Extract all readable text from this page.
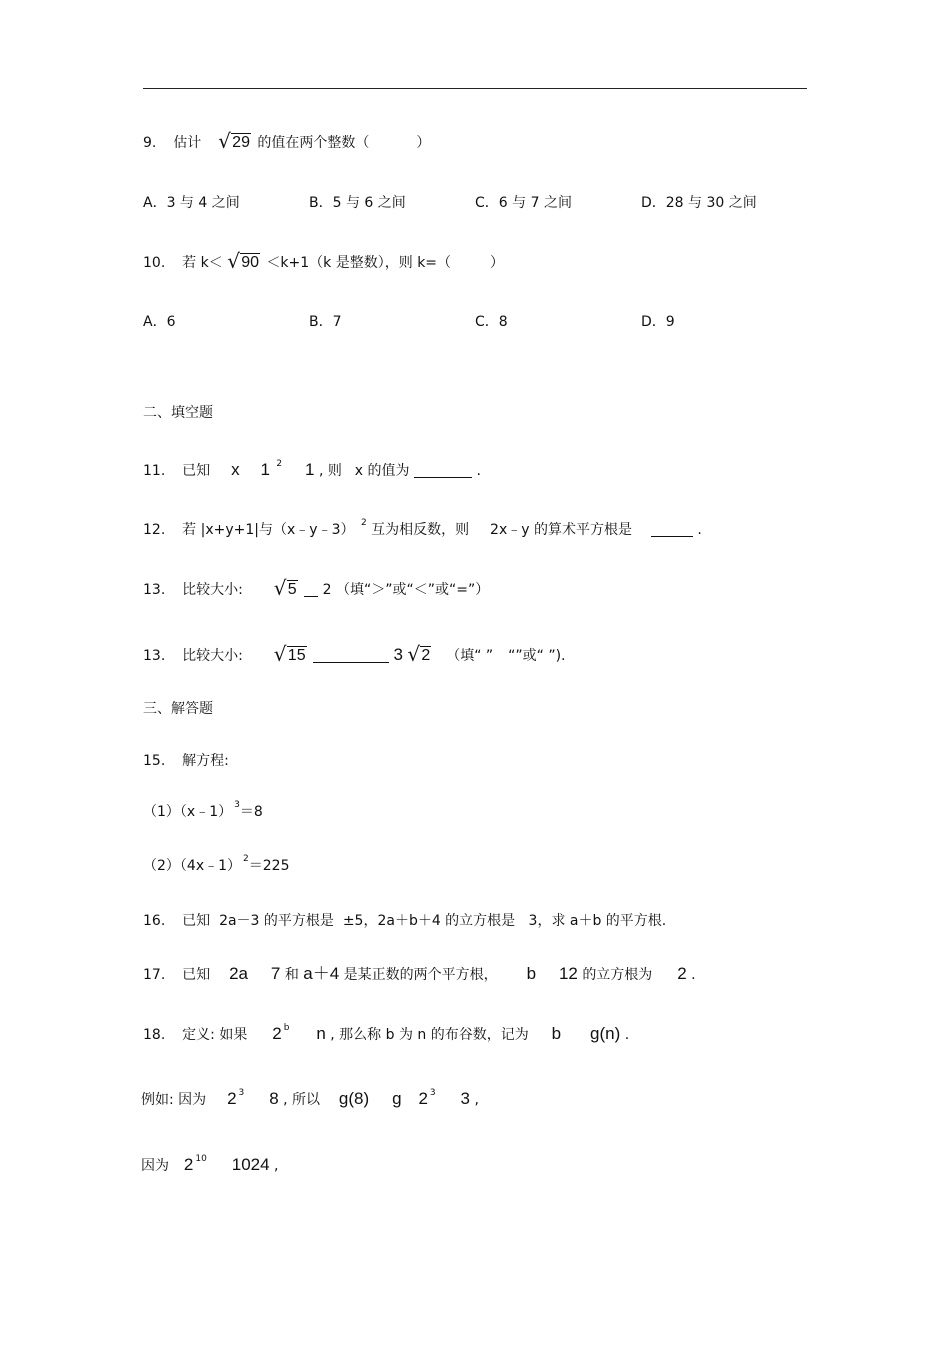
9. 估计 √ 29 的值在两个整数（	）
A．3 与 4 之间	B．5 与 6 之间	C．6 与 7 之间	D．28 与 30 之间
10. 若 k＜ √ 90 ＜k+1（k 是整数），则 k=（	）
A．6	B．7	C．8	D．9
二、填空题
11. 已知 x 1 $^2$ 1 , 则 x 的值为	.
12. 若 |x+y+1|与（x﹣y﹣3） $^2$ 互为相反数，则 2x﹣y 的算术平方根是	.
13. 比较大小: √ 5 2 （填“＞”或“＜”或“=”）
13. 比较大小: √ 15	3 √ 2 （填“ ” “”或“ ”).
三、解答题
15. 解方程:
（1）（x﹣1） $^3$＝8
（2）（4x﹣1） $^2$＝225
16. 已知  2a－3 的平方根是  ±5，2a＋b＋4 的立方根是   3，求 a＋b 的平方根.
17. 已知 2a 7 和 a＋4 是某正数的两个平方根， b 12 的立方根为 2 .
18. 定义: 如果 2 $^b$ n , 那么称 b 为 n 的布谷数，记为 b g(n) .
例如: 因为 2 $^3$ 8 , 所以 g(8) g 2 $^3$ 3 ,
因为 2 $^{10}$ 1024 ,
